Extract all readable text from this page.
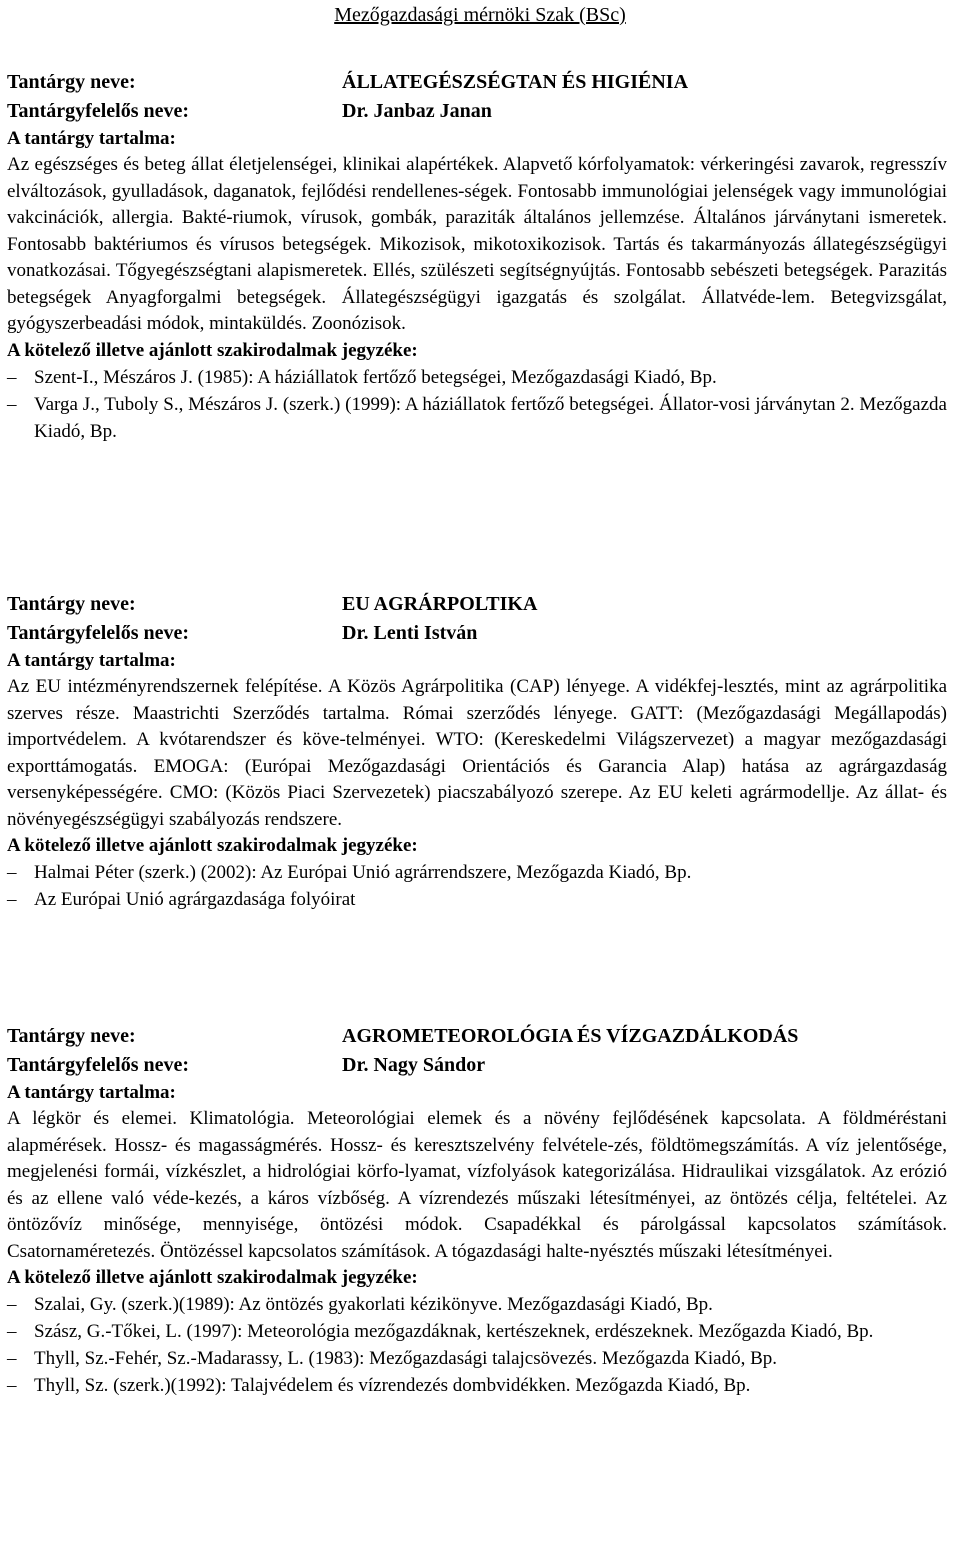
Mezőgazdasági mérnöki Szak (BSc)
Tantárgy neve:	ÁLLATEGÉSZSÉGTAN ÉS HIGIÉNIA
Tantárgyfelelős neve:	Dr. Janbaz Janan
A tantárgy tartalma:
Az egészséges és beteg állat életjelenségei, klinikai alapértékek. Alapvető kórfolyamatok: vérkeringési zavarok, regresszív elváltozások, gyulladások, daganatok, fejlődési rendellenes-ségek. Fontosabb immunológiai jelenségek vagy immunológiai vakcinációk, allergia. Bakté-riumok, vírusok, gombák, paraziták általános jellemzése. Általános járványtani ismeretek. Fontosabb baktériumos és vírusos betegségek. Mikozisok, mikotoxikozisok. Tartás és takarmányozás állategészségügyi vonatkozásai. Tőgyegészségtani alapismeretek. Ellés, szülészeti segítségnyújtás. Fontosabb sebészeti betegségek. Parazitás betegségek Anyagforgalmi betegségek. Állategészségügyi igazgatás és szolgálat. Állatvéde-lem. Betegvizsgálat, gyógyszerbeadási módok, mintaküldés. Zoonózisok.
A kötelező illetve ajánlott szakirodalmak jegyzéke:
– Szent-I., Mészáros J. (1985): A háziállatok fertőző betegségei, Mezőgazdasági Kiadó, Bp.
– Varga J., Tuboly S., Mészáros J. (szerk.) (1999): A háziállatok fertőző betegségei. Állator-vosi járványtan 2. Mezőgazda Kiadó, Bp.
Tantárgy neve:	EU AGRÁRPOLTIKA
Tantárgyfelelős neve:	Dr. Lenti István
A tantárgy tartalma:
Az EU intézményrendszernek felépítése. A Közös Agrárpolitika (CAP) lényege. A vidékfej-lesztés, mint az agrárpolitika szerves része. Maastrichti Szerződés tartalma. Római szerződés lényege. GATT: (Mezőgazdasági Megállapodás) importvédelem. A kvótarendszer és köve-telményei. WTO: (Kereskedelmi Világszervezet) a magyar mezőgazdasági exporttámogatás. EMOGA: (Európai Mezőgazdasági Orientációs és Garancia Alap) hatása az agrárgazdaság versenyképességére. CMO: (Közös Piaci Szervezetek) piacszabályozó szerepe. Az EU keleti agrármodellje. Az állat- és növényegészségügyi szabályozás rendszere.
A kötelező illetve ajánlott szakirodalmak jegyzéke:
– Halmai Péter (szerk.) (2002): Az Európai Unió agrárrendszere, Mezőgazda Kiadó, Bp.
– Az Európai Unió agrárgazdasága folyóirat
Tantárgy neve:	AGROMETEOROLÓGIA ÉS VÍZGAZDÁLKODÁS
Tantárgyfelelős neve:	Dr. Nagy Sándor
A tantárgy tartalma:
A légkör és elemei. Klimatológia. Meteorológiai elemek és a növény fejlődésének kapcsolata. A földméréstani alapmérések. Hossz- és magasságmérés. Hossz- és keresztszelvény felvétele-zés, földtömegszámítás. A víz jelentősége, megjelenési formái, vízkészlet, a hidrológiai körfo-lyamat, vízfolyások kategorizálása. Hidraulikai vizsgálatok. Az erózió és az ellene való véde-kezés, a káros vízbőség. A vízrendezés műszaki létesítményei, az öntözés célja, feltételei. Az öntözővíz minősége, mennyisége, öntözési módok. Csapadékkal és párolgással kapcsolatos számítások. Csatornaméretezés. Öntözéssel kapcsolatos számítások. A tógazdasági halte-nyésztés műszaki létesítményei.
A kötelező illetve ajánlott szakirodalmak jegyzéke:
– Szalai, Gy. (szerk.)(1989): Az öntözés gyakorlati kézikönyve. Mezőgazdasági Kiadó, Bp.
– Szász, G.-Tőkei, L. (1997): Meteorológia mezőgazdáknak, kertészeknek, erdészeknek. Mezőgazda Kiadó, Bp.
– Thyll, Sz.-Fehér, Sz.-Madarassy, L. (1983): Mezőgazdasági talajcsövezés. Mezőgazda Kiadó, Bp.
– Thyll, Sz. (szerk.)(1992): Talajvédelem és vízrendezés dombvidékken. Mezőgazda Kiadó, Bp.
